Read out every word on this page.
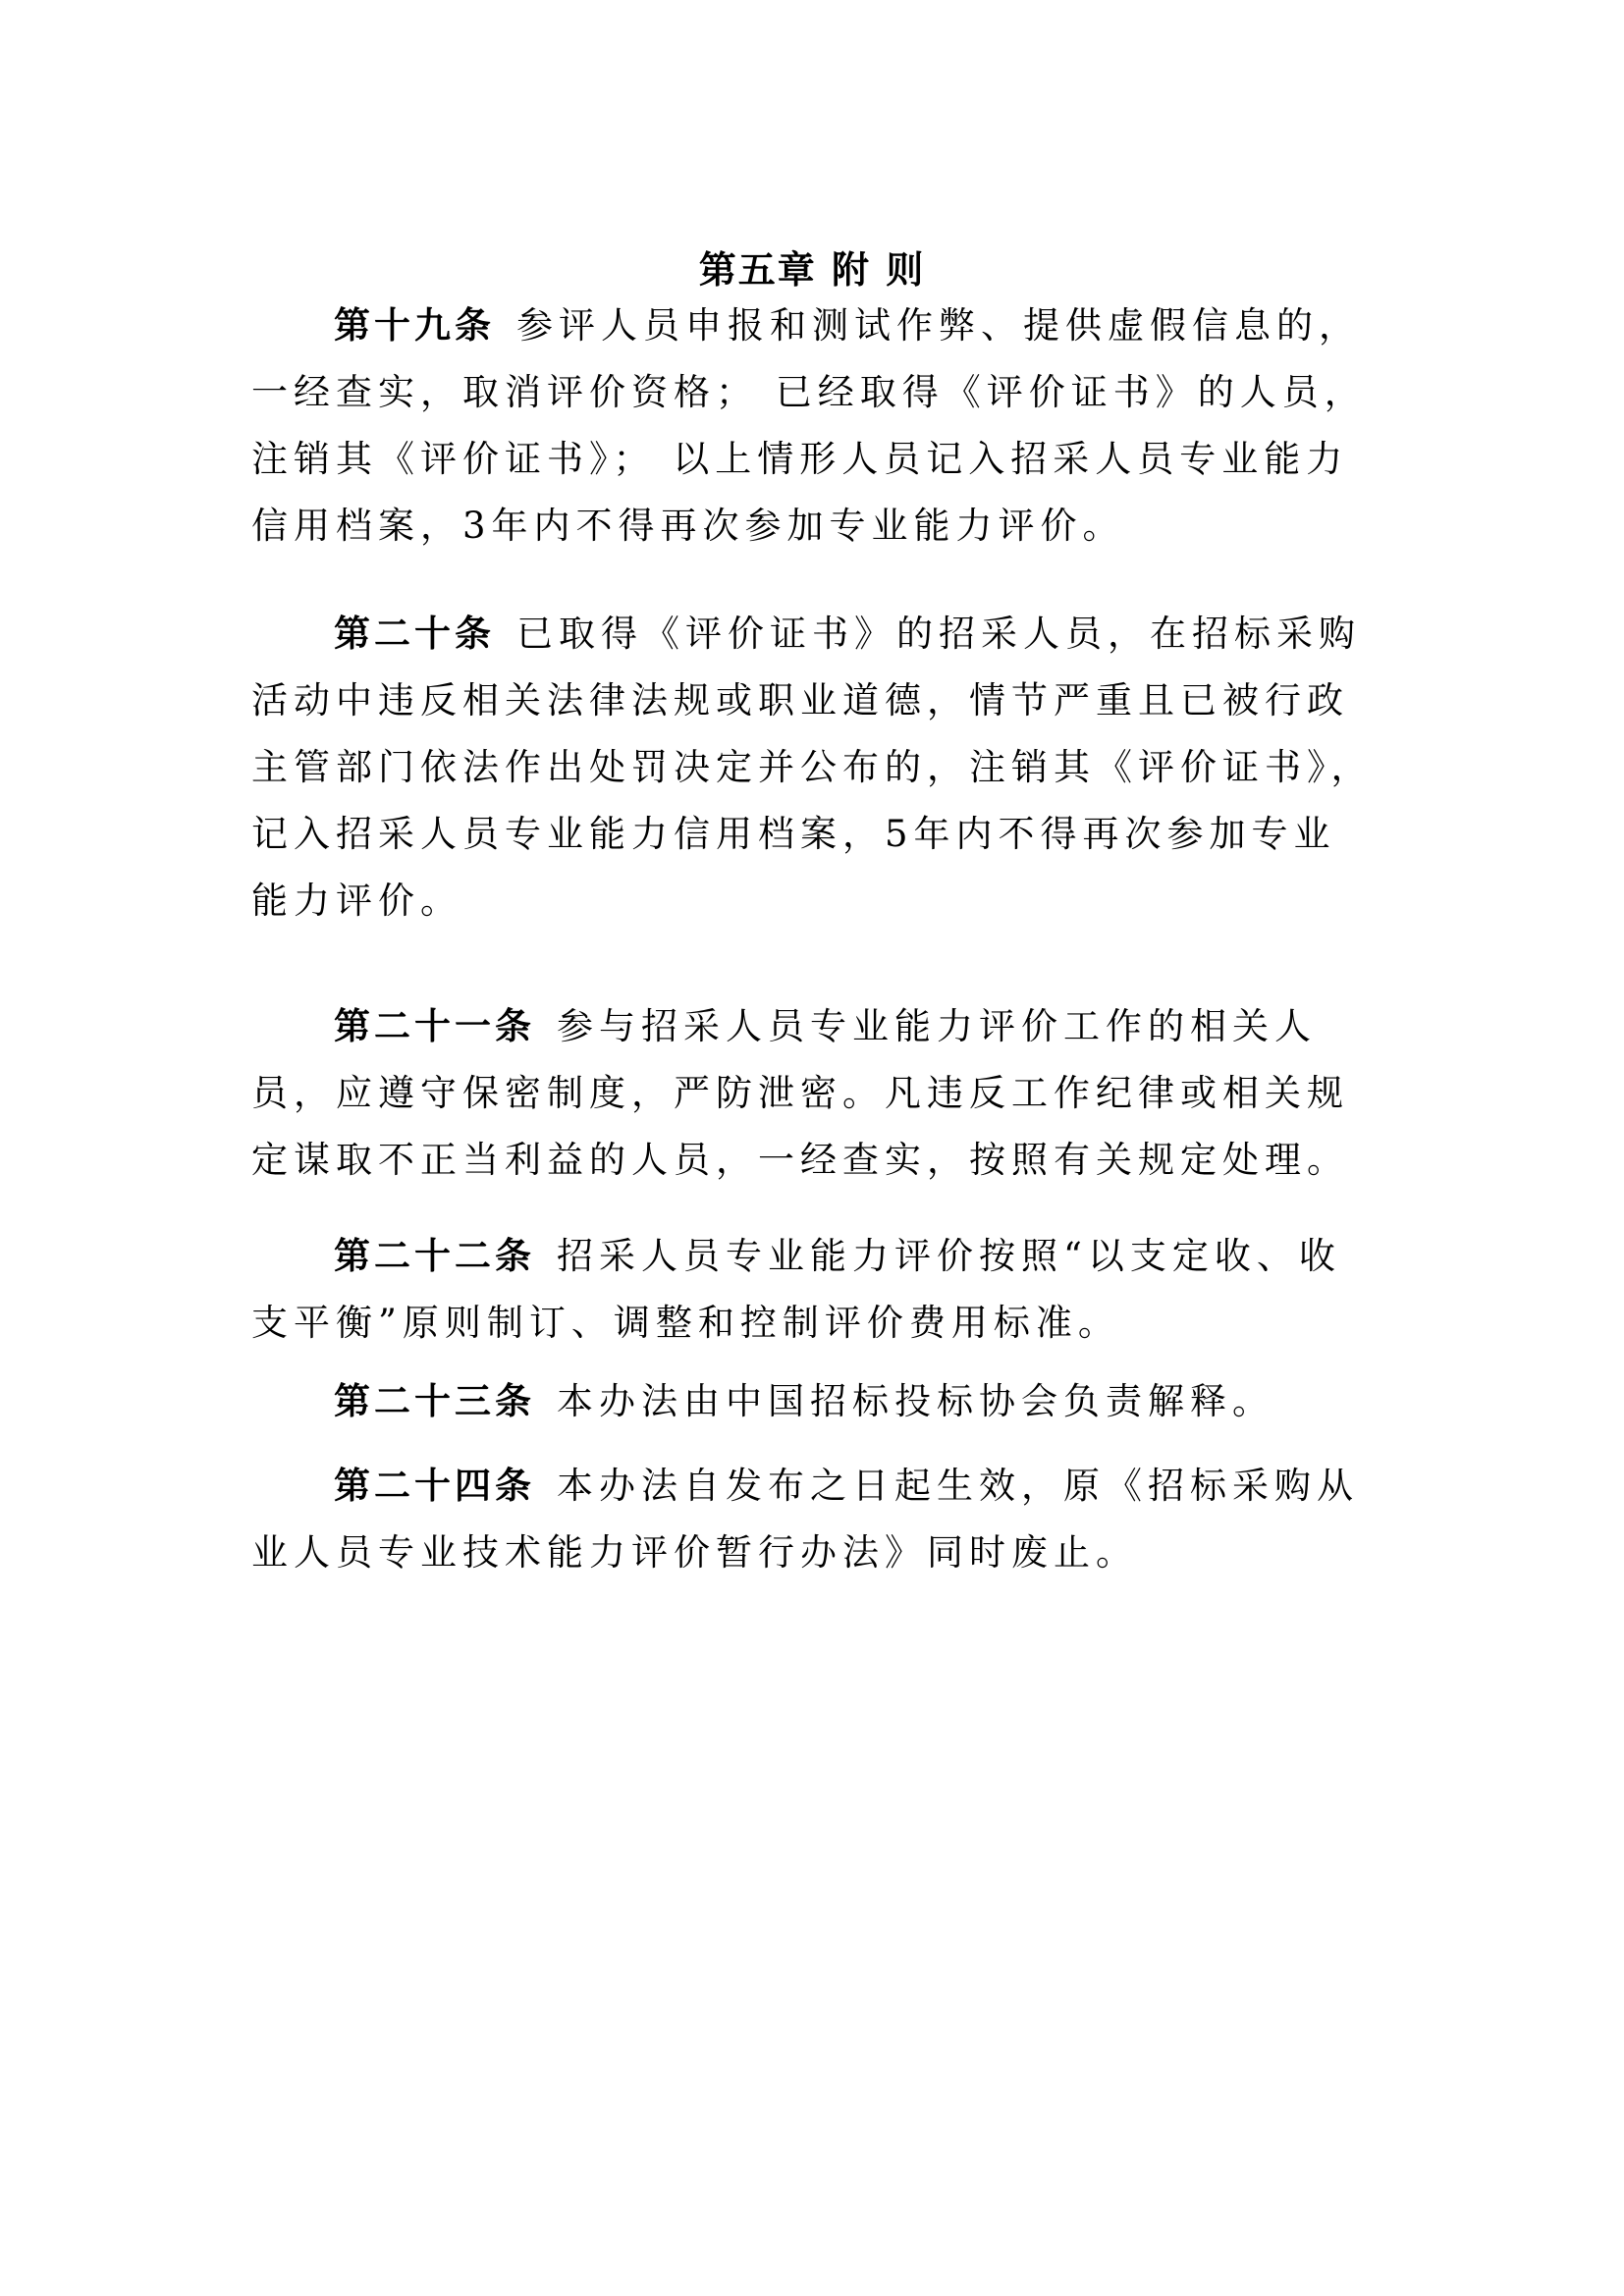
第五章 附 则

第十九条 参评人员申报和测试作弊、提供虚假信息的，一经查实，取消评价资格； 已经取得《评价证书》的人员，注销其《评价证书》； 以上情形人员记入招采人员专业能力信用档案，3年内不得再次参加专业能力评价。

第二十条 已取得《评价证书》的招采人员，在招标采购活动中违反相关法律法规或职业道德，情节严重且已被行政主管部门依法作出处罚决定并公布的，注销其《评价证书》，记入招采人员专业能力信用档案，5年内不得再次参加专业能力评价。

第二十一条 参与招采人员专业能力评价工作的相关人员，应遵守保密制度，严防泄密。凡违反工作纪律或相关规定谋取不正当利益的人员，一经查实，按照有关规定处理。

第二十二条 招采人员专业能力评价按照“以支定收、收支平衡”原则制订、调整和控制评价费用标准。

第二十三条 本办法由中国招标投标协会负责解释。

第二十四条 本办法自发布之日起生效，原《招标采购从业人员专业技术能力评价暂行办法》同时废止。
